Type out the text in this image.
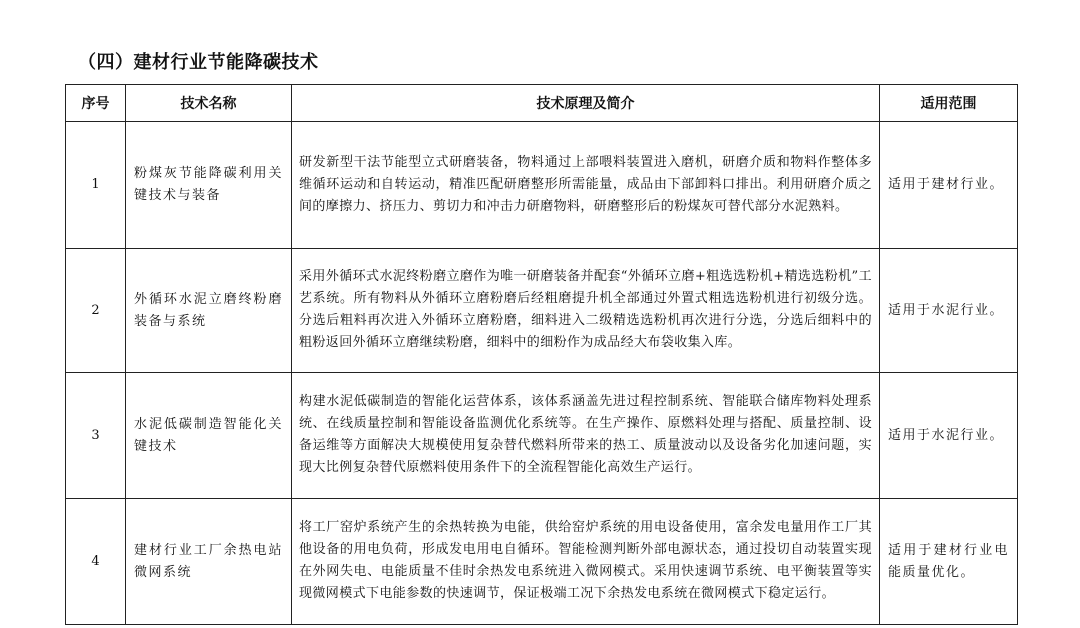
（四）建材行业节能降碳技术
序号	技术名称	技术原理及简介	适用范围
1	粉煤灰节能降碳利用关键技术与装备	研发新型干法节能型立式研磨装备，物料通过上部喂料装置进入磨机，研磨介质和物料作整体多维循环运动和自转运动，精准匹配研磨整形所需能量，成品由下部卸料口排出。利用研磨介质之间的摩擦力、挤压力、剪切力和冲击力研磨物料，研磨整形后的粉煤灰可替代部分水泥熟料。	适用于建材行业。
2	外循环水泥立磨终粉磨装备与系统	采用外循环式水泥终粉磨立磨作为唯一研磨装备并配套“外循环立磨+粗选选粉机+精选选粉机”工艺系统。所有物料从外循环立磨粉磨后经粗磨提升机全部通过外置式粗选选粉机进行初级分选。分选后粗料再次进入外循环立磨粉磨，细料进入二级精选选粉机再次进行分选，分选后细料中的粗粉返回外循环立磨继续粉磨，细料中的细粉作为成品经大布袋收集入库。	适用于水泥行业。
3	水泥低碳制造智能化关键技术	构建水泥低碳制造的智能化运营体系，该体系涵盖先进过程控制系统、智能联合储库物料处理系统、在线质量控制和智能设备监测优化系统等。在生产操作、原燃料处理与搭配、质量控制、设备运维等方面解决大规模使用复杂替代燃料所带来的热工、质量波动以及设备劣化加速问题，实现大比例复杂替代原燃料使用条件下的全流程智能化高效生产运行。	适用于水泥行业。
4	建材行业工厂余热电站微网系统	将工厂窑炉系统产生的余热转换为电能，供给窑炉系统的用电设备使用，富余发电量用作工厂其他设备的用电负荷，形成发电用电自循环。智能检测判断外部电源状态，通过投切自动装置实现在外网失电、电能质量不佳时余热发电系统进入微网模式。采用快速调节系统、电平衡装置等实现微网模式下电能参数的快速调节，保证极端工况下余热发电系统在微网模式下稳定运行。	适用于建材行业电能质量优化。
